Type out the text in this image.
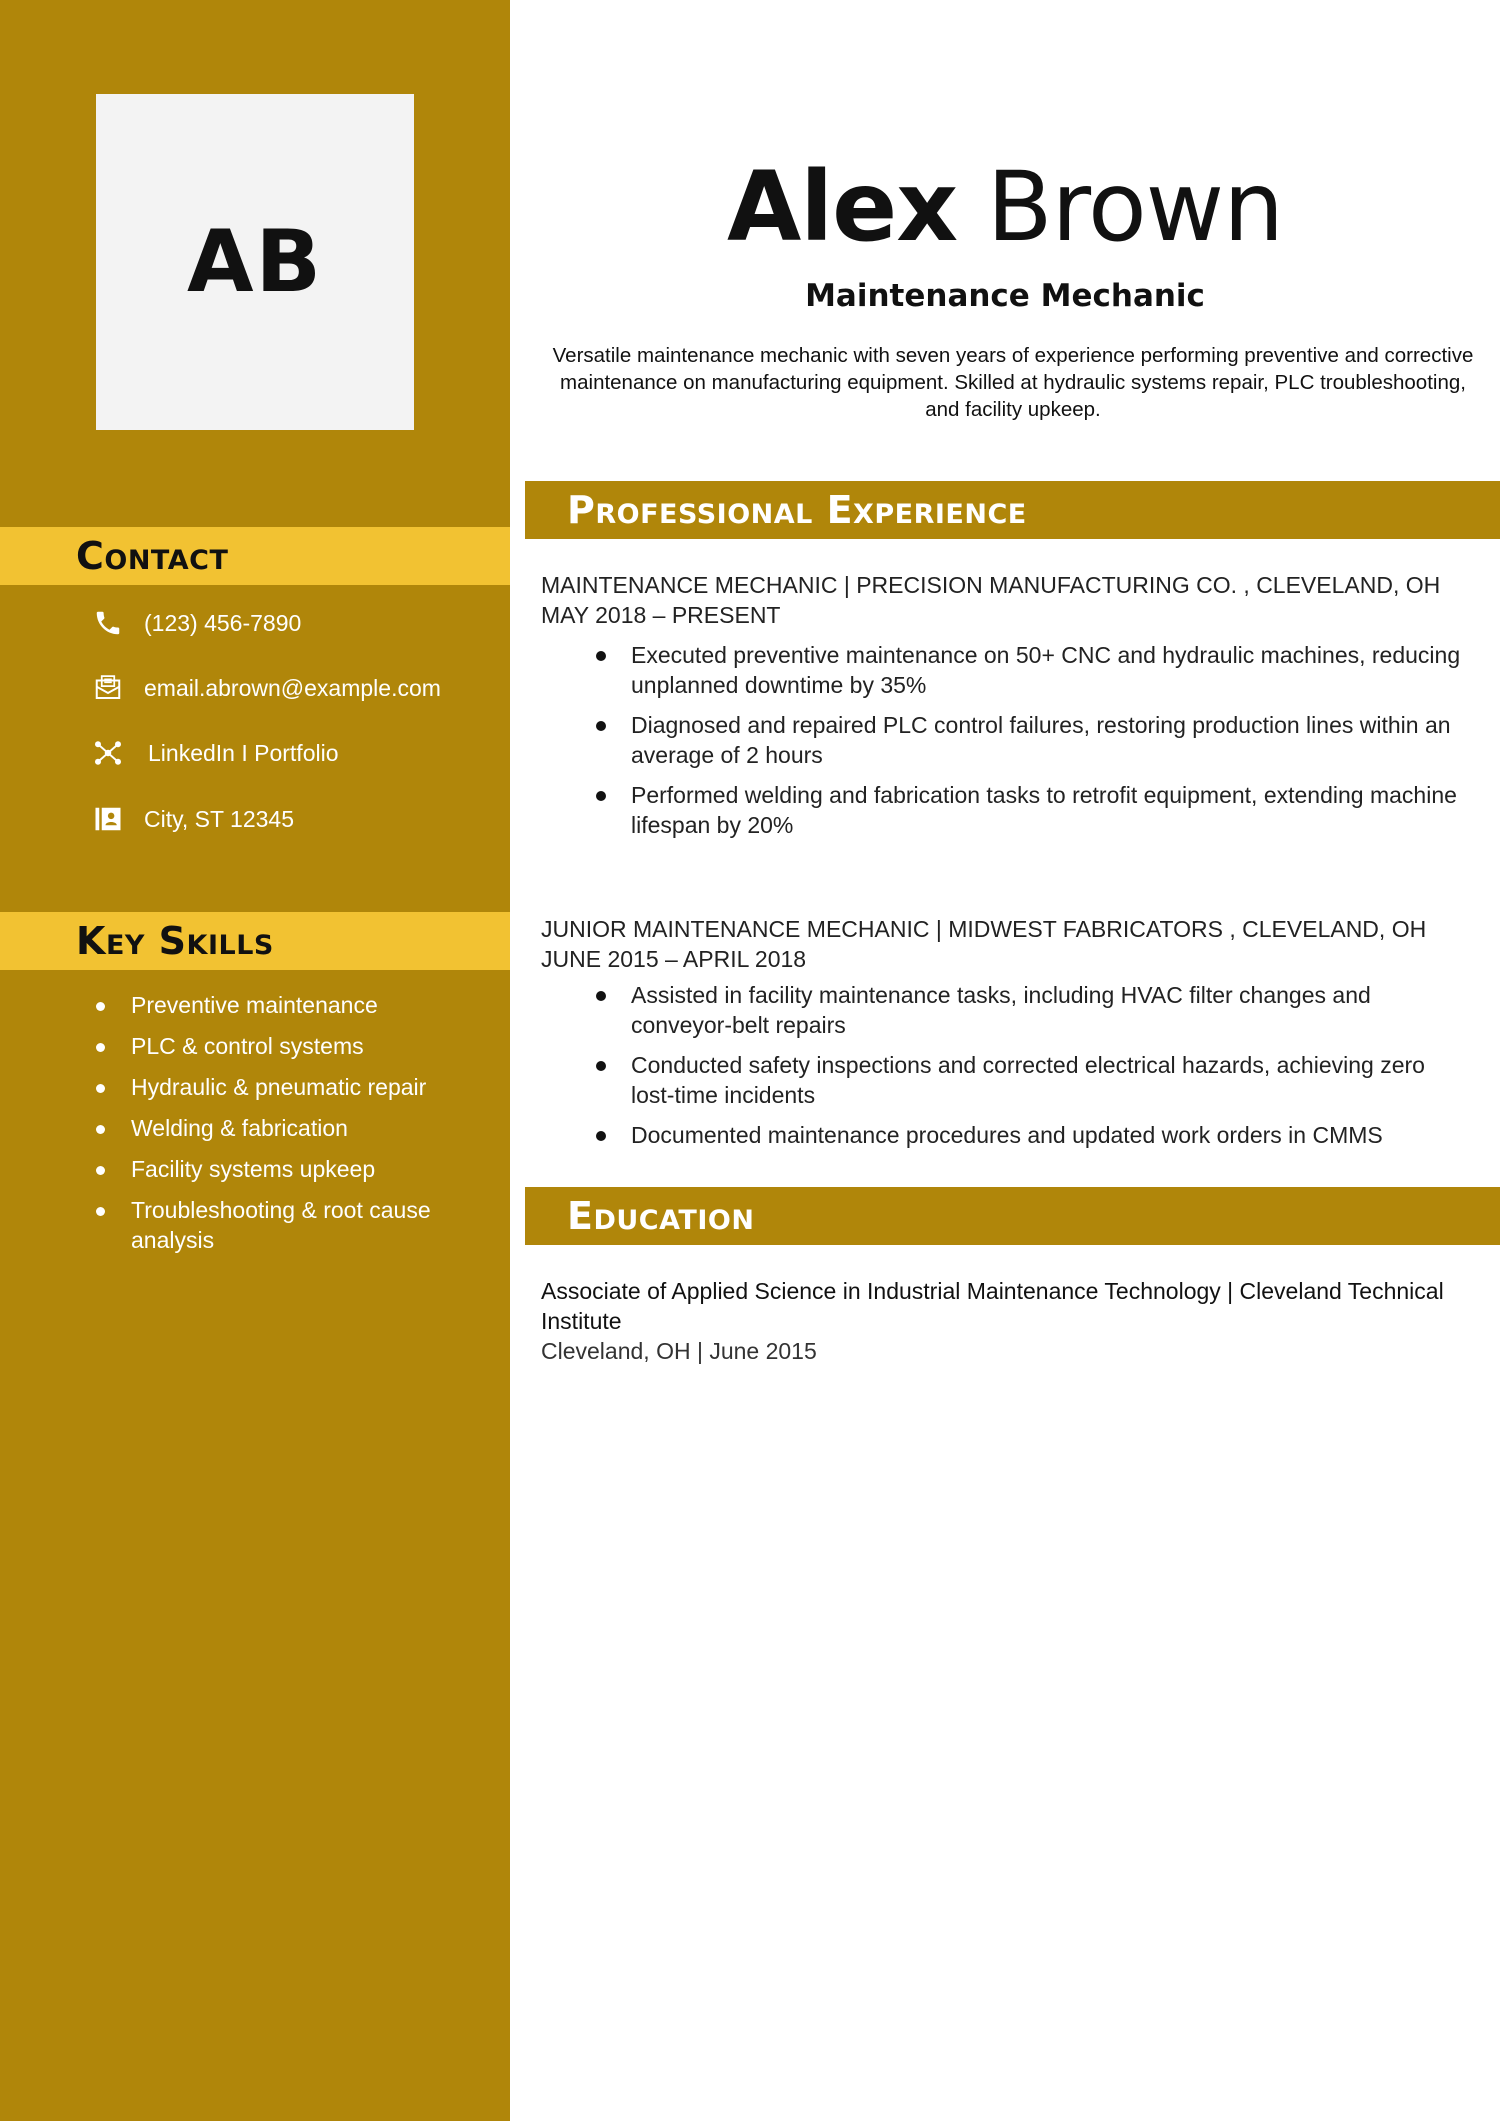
AB
Contact
(123) 456-7890
email.abrown@example.com
LinkedIn I Portfolio
City, ST 12345
Key Skills
Preventive maintenance
PLC & control systems
Hydraulic & pneumatic repair
Welding & fabrication
Facility systems upkeep
Troubleshooting & root cause analysis
Alex Brown
Maintenance Mechanic
Versatile maintenance mechanic with seven years of experience performing preventive and corrective maintenance on manufacturing equipment. Skilled at hydraulic systems repair, PLC troubleshooting, and facility upkeep.
Professional Experience

MAINTENANCE MECHANIC | PRECISION MANUFACTURING CO. , CLEVELAND, OH

MAY 2018 – PRESENT

Executed preventive maintenance on 50+ CNC and hydraulic machines, reducing unplanned downtime by 35%
Diagnosed and repaired PLC control failures, restoring production lines within an average of 2 hours
Performed welding and fabrication tasks to retrofit equipment, extending machine lifespan by 20%

JUNIOR MAINTENANCE MECHANIC | MIDWEST FABRICATORS , CLEVELAND, OH

JUNE 2015 – APRIL 2018

Assisted in facility maintenance tasks, including HVAC filter changes and conveyor-belt repairs
Conducted safety inspections and corrected electrical hazards, achieving zero lost-time incidents
Documented maintenance procedures and updated work orders in CMMS
Education

Associate of Applied Science in Industrial Maintenance Technology | Cleveland Technical Institute

Cleveland, OH | June 2015
